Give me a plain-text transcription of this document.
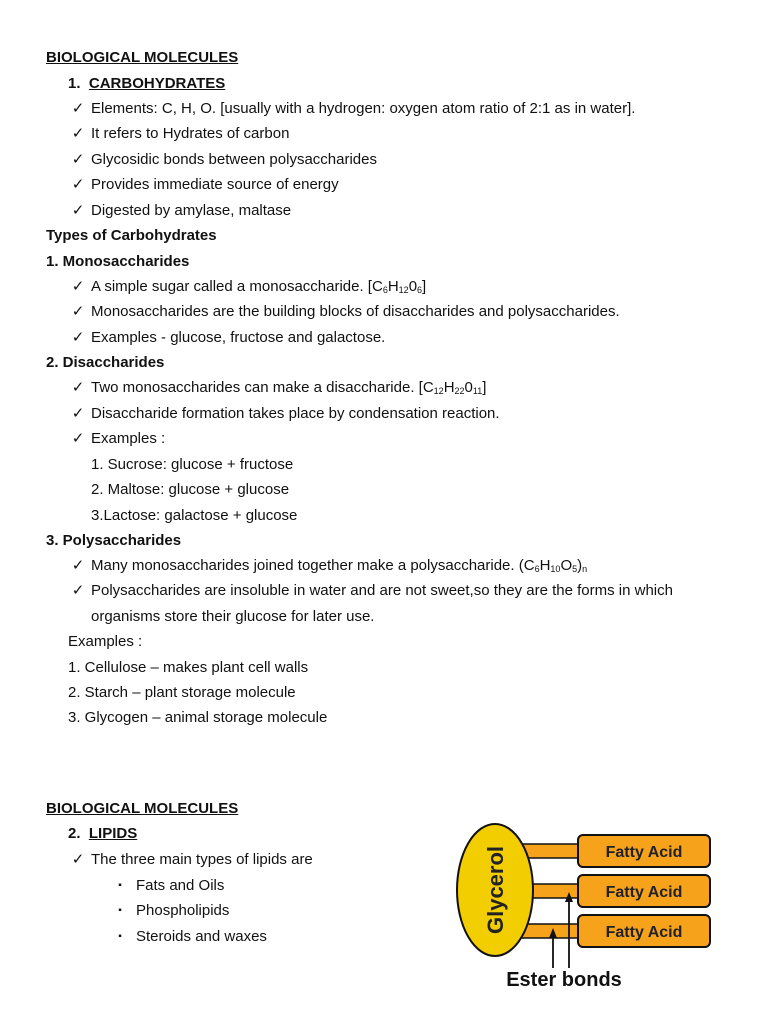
BIOLOGICAL MOLECULES
1. CARBOHYDRATES
✓ Elements: C, H, O. [usually with a hydrogen: oxygen atom ratio of 2:1 as in water].
✓ It refers to Hydrates of carbon
✓ Glycosidic bonds between polysaccharides
✓ Provides immediate source of energy
✓ Digested by amylase, maltase
Types of Carbohydrates
1. Monosaccharides
✓ A simple sugar called a monosaccharide. $[C_6H_{12}0_6]$
✓ Monosaccharides are the building blocks of disaccharides and polysaccharides.
✓ Examples - glucose, fructose and galactose.
2. Disaccharides
✓ Two monosaccharides can make a disaccharide. $[C_{12}H_{22}0_{11}]$
✓ Disaccharide formation takes place by condensation reaction.
✓ Examples :
1. Sucrose: glucose + fructose
2. Maltose: glucose + glucose
3.Lactose: galactose + glucose
3. Polysaccharides
✓ Many monosaccharides joined together make a polysaccharide. $(C_6H_{10}O_5)_n$
✓ Polysaccharides are insoluble in water and are not sweet,so they are the forms in which
organisms store their glucose for later use.
Examples :
1. Cellulose – makes plant cell walls
2. Starch – plant storage molecule
3. Glycogen – animal storage molecule
BIOLOGICAL MOLECULES
2. LIPIDS
✓ The three main types of lipids are
▪ Fats and Oils
▪ Phospholipids
▪ Steroids and waxes
Fatty Acid
Fatty Acid
Fatty Acid
Glycerol
Ester bonds
